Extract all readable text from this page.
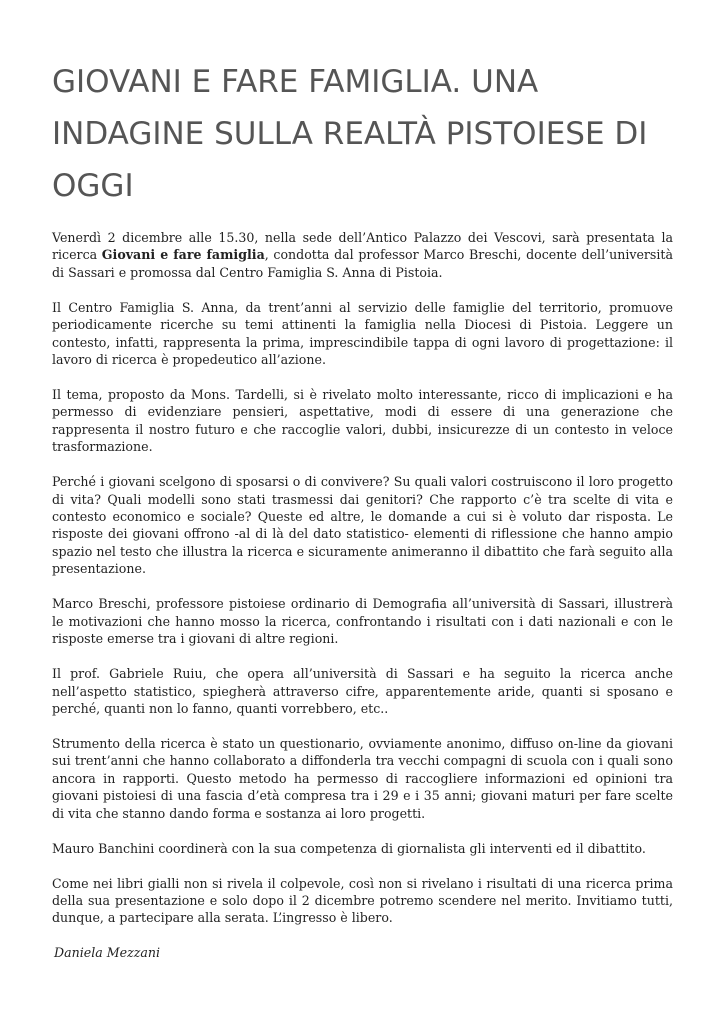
GIOVANI E FARE FAMIGLIA. UNA INDAGINE SULLA REALTÀ PISTOIESE DI OGGI

Venerdì 2 dicembre alle 15.30, nella sede dell’Antico Palazzo dei Vescovi, sarà presentata la ricerca Giovani e fare famiglia, condotta dal professor Marco Breschi, docente dell’università di Sassari e promossa dal Centro Famiglia S. Anna di Pistoia.

Il Centro Famiglia S. Anna, da trent’anni al servizio delle famiglie del territorio, promuove periodicamente ricerche su temi attinenti la famiglia nella Diocesi di Pistoia. Leggere un contesto, infatti, rappresenta la prima, imprescindibile tappa di ogni lavoro di progettazione: il lavoro di ricerca è propedeutico all’azione.

Il tema, proposto da Mons. Tardelli, si è rivelato molto interessante, ricco di implicazioni e ha permesso di evidenziare pensieri, aspettative, modi di essere di una generazione che rappresenta il nostro futuro e che raccoglie valori, dubbi, insicurezze di un contesto in veloce trasformazione.

Perché i giovani scelgono di sposarsi o di convivere? Su quali valori costruiscono il loro progetto di vita? Quali modelli sono stati trasmessi dai genitori? Che rapporto c’è tra scelte di vita e contesto economico e sociale? Queste ed altre, le domande a cui si è voluto dar risposta. Le risposte dei giovani offrono -al di là del dato statistico- elementi di riflessione che hanno ampio spazio nel testo che illustra la ricerca e sicuramente animeranno il dibattito che farà seguito alla presentazione.

Marco Breschi, professore pistoiese ordinario di Demografia all’università di Sassari, illustrerà le motivazioni che hanno mosso la ricerca, confrontando i risultati con i dati nazionali e con le risposte emerse tra i giovani di altre regioni.

Il prof. Gabriele Ruiu, che opera all’università di Sassari e ha seguito la ricerca anche nell’aspetto statistico, spiegherà attraverso cifre, apparentemente aride, quanti si sposano e perché, quanti non lo fanno, quanti vorrebbero, etc..

Strumento della ricerca è stato un questionario, ovviamente anonimo, diffuso on-line da giovani sui trent’anni che hanno collaborato a diffonderla tra vecchi compagni di scuola con i quali sono ancora in rapporti. Questo metodo ha permesso di raccogliere informazioni ed opinioni tra giovani pistoiesi di una fascia d’età compresa tra i 29 e i 35 anni; giovani maturi per fare scelte di vita che stanno dando forma e sostanza ai loro progetti.

Mauro Banchini coordinerà con la sua competenza di giornalista gli interventi ed il dibattito.

Come nei libri gialli non si rivela il colpevole, così non si rivelano i risultati di una ricerca prima della sua presentazione e solo dopo il 2 dicembre potremo scendere nel merito. Invitiamo tutti, dunque, a partecipare alla serata. L’ingresso è libero.

Daniela Mezzani
